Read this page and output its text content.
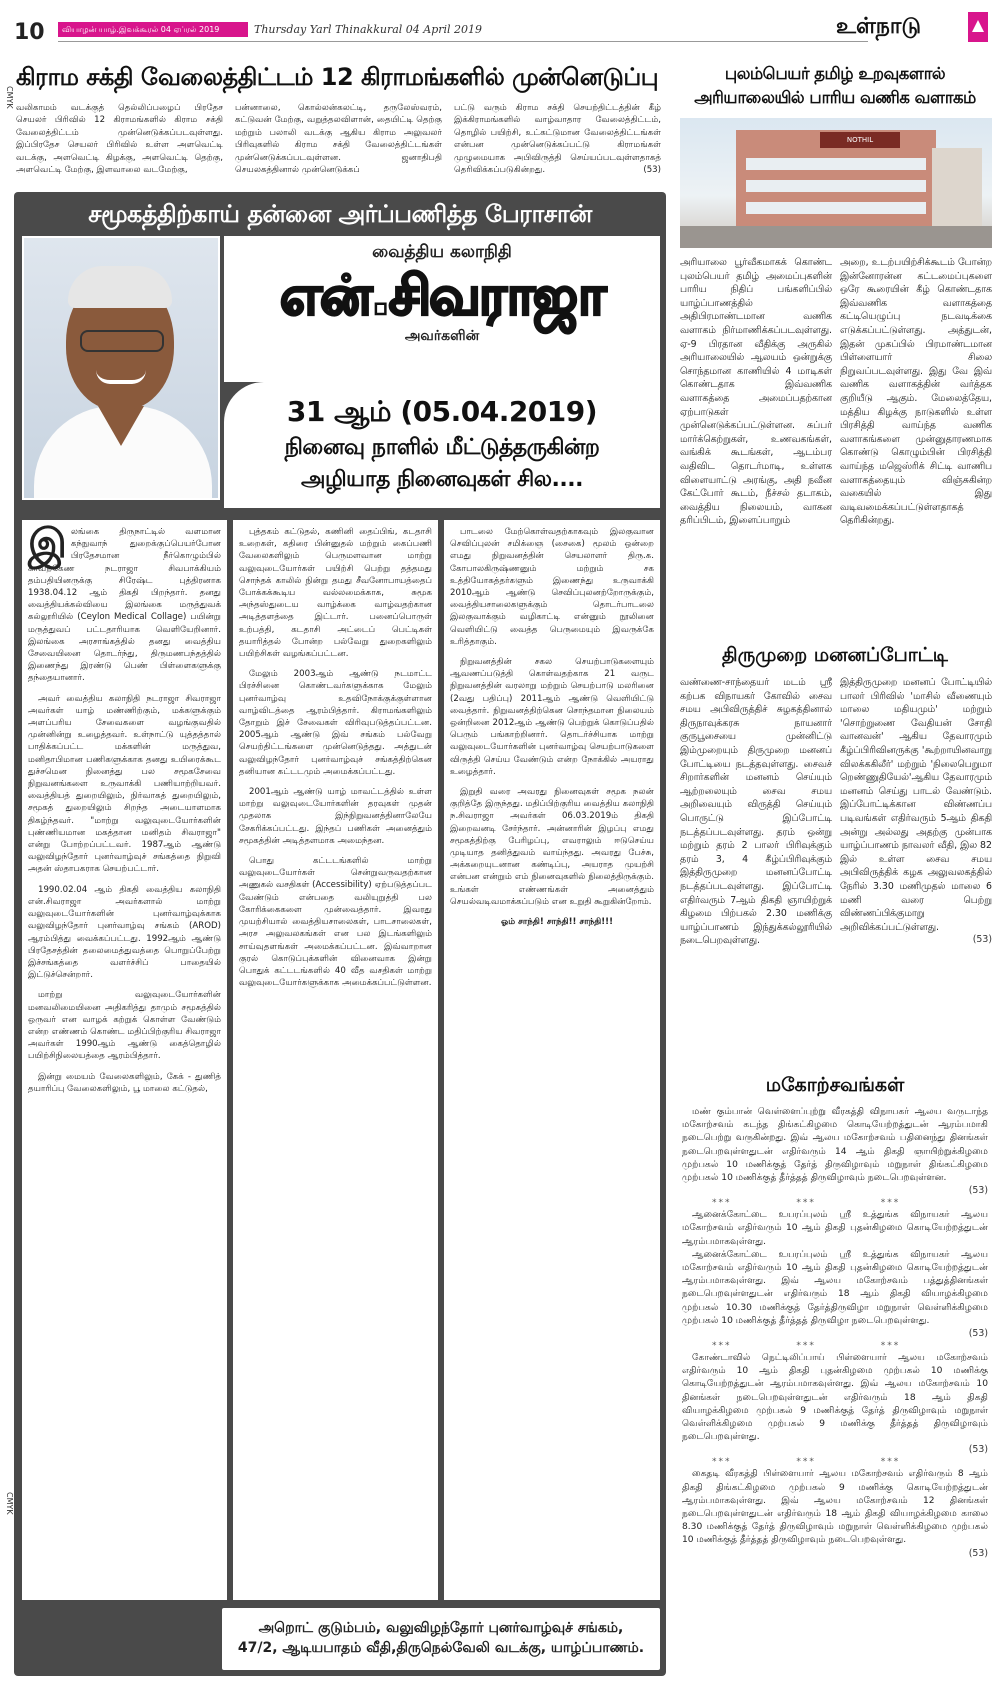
10	வியாழன் யாழ்.இவக்கூரல் 04 ஏப்ரல் 2019	Thursday Yarl Thinakkural 04 April 2019	உள்நாடு
CMYK
CMYK
கிராம சக்தி வேலைத்திட்டம் 12 கிராமங்களில் முன்னெடுப்பு

வலிகாமம் வடக்குத் தெல்லிப்பழைப் பிரதேச செயலர் பிரிவில் 12 கிராமங்களில் கிராம சக்தி வேலைத்திட்டம் முன்னெடுக்கப்படவுள்ளது. இப்பிரதேச செயலர் பிரிவில் உள்ள அளவெட்டி வடக்கு, அளவெட்டி கிழக்கு, அளவெட்டி தெற்கு, அளவெட்டி மேற்கு, இளவாலை வடமேற்கு,

பன்னாலை, கொல்லன்கலட்டி, தருலேஸ்வரம், கட்டுவன் மேற்கு, வறுத்தலவிளான், தையிட்டி தெற்கு மற்றும் பலாலி வடக்கு ஆகிய கிராம அலுவலர் பிரிவுகளில் கிராம சக்தி வேலைத்திட்டங்கள் முன்னெடுக்கப்படவுள்ளன. ஜனாதிபதி செயலகத்தினால் முன்னெடுக்கப்

பட்டு வரும் கிராம சக்தி செயற்திட்டத்தின் கீழ் இக்கிராமங்களில் வாழ்வாதார வேலைத்திட்டம், தொழில் பயிற்சி, உட்கட்டுமான வேலைத்திட்டங்கள் என்பன முன்னெடுக்கப்பட்டு கிராமங்கள் முழுமையாக அபிவிருத்தி செய்யப்படவுள்ளதாகத் தெரிவிக்கப்படுகின்றது.	(53)

சமூகத்திற்காய் தன்னை அர்ப்பணித்த பேராசான்
வைத்திய கலாநிதி
என்.சிவராஜா
அவர்களின்
31 ஆம் (05.04.2019)
நினைவு நாளில் மீட்டுத்தருகின்ற
அழியாத நினைவுகள் சில....

இலங்கை திருநாட்டில் வளமான கந்நுவாந் துறைக்குப்பெயர்போன பிரதேசமான நீர்கொழும்பில் காவற்கேண நடராஜா சிவபாக்கியம் தம்பதியினருக்கு சிரேஷ்ட புத்திரனாக 1938.04.12 ஆம் திகதி பிறந்தார். தனது வைத்தியக்கல்வியை இலங்கை மருத்துவக் கல்லூரியில் (Ceylon Medical Collage) பயின்று மருத்துவப் பட்டதாரியாக வெளியேறினார். இலங்கை அரசாங்கத்தில் தனது வைத்திய சேவையினை தொடர்ந்து, திருமணபந்தத்தில் இணைந்து இரண்டு பெண் பிள்ளைகளுக்கு தந்தையானார்.

அவர் வைத்திய கலாநிதி நடராஜா சிவராஜா அவர்கள் யாழ் மண்ணிற்கும், மக்களுக்கும் அளப்பரிய சேவைகளை வழங்குவதில் முன்னின்று உழைத்தவர். உள்நாட்டு யுத்தத்தால் பாதிக்கப்பட்ட மக்களின் மருத்துவ, மனிதாபிமான பணிகளுக்காக தனது உயிரைக்கூட துச்சமென நினைத்து பல சமூகசேவை நிறுவனங்களை உருவாக்கி பணியாற்றியவர். வைத்தியத் துறையிலும், நிர்வாகத் துறையிலும், சமூகத் துறையிலும் சிறந்த அடையாளமாக திகழ்ந்தவர். "மாற்று வலுவுடையோர்களின் புண்ணியமான மகத்தான மனிதம் சிவராஜா" என்று போற்றப்பட்டவர். 1987ஆம் ஆண்டு வலுவிழந்தோர் புனர்வாழ்வுச் சங்கத்தை நிறுவி அதன் ஸ்தாபகராக செயற்பட்டார்.

1990.02.04 ஆம் திகதி வைத்திய கலாநிதி என்.சிவராஜா அவர்களால் மாற்று வலுவுடையோர்களின் புனர்வாழ்வுக்காக வலுவிழந்தோர் புனர்வாழ்வு சங்கம் (AROD) ஆரம்பித்து வைக்கப்பட்டது. 1992ஆம் ஆண்டு பிரதேசத்தின் தலைமைத்துவத்தை பொறுப்பேற்று இச்சங்கத்தை வளர்ச்சிப் பாதையில் இட்டுச்சென்றார்.

மாற்று வலுவுடையோர்களின் மனவலிமையினை அதிகரித்து தாமும் சமூகத்தில் ஒருவர் என வாழக் கற்றுக் கொள்ள வேண்டும் என்ற எண்ணம் கொண்ட மதிப்பிற்குரிய சிவராஜா அவர்கள் 1990ஆம் ஆண்டு கைத்தொழில் பயிற்சிநிலையத்தை ஆரம்பித்தார்.

இன்று மையம் வேலைகளிலும், கேக் - துணித் தயாரிப்பு வேலைகளிலும், பூ மாலை கட்டுதல்,

புத்தகம் கட்டுதல், கணினி தைப்பிங், கடதாசி உறைகள், கதிரை பின்னுதல் மற்றும் கைப்பணி வேலைகளிலும் பெருமளவான மாற்று வலுவுடையோர்கள் பயிற்சி பெற்று தத்தமது சொந்தக் காலில் நின்று தமது சீவனோபாயத்தைப் போக்கக்கூடிய வல்லமைக்காக, சுமூக அந்தஸ்துடைய வாழ்க்கை வாழ்வதற்கான அடித்தளத்தை இட்டார். பனைப்பொருள் உற்பத்தி, கடதாசி அட்டைப் பெட்டிகள் தயாரித்தல் போன்ற பல்வேறு துறைகளிலும் பயிற்சிகள் வழங்கப்பட்டன.

மேலும் 2003ஆம் ஆண்டு நடமாட்ட பிரச்சினை கொண்டவர்களுக்காக மேலும் புனர்வாழ்வு உதவிநோக்குக்குள்ளான வாழ்விடத்தை ஆரம்பித்தார். கிராமங்களிலும் தோறும் இச் சேவைகள் விரிவுபடுத்தப்பட்டன. 2005ஆம் ஆண்டு இவ் சங்கம் பல்வேறு செயற்திட்டங்களை முன்னெடுத்தது. அத்துடன் வலுவிழந்தோர் புனர்வாழ்வுச் சங்கத்திற்கென தனியான கட்டடமும் அமைக்கப்பட்டது.

2001ஆம் ஆண்டு யாழ் மாவட்டத்தில் உள்ள மாற்று வலுவுடையோர்களின் தரவுகள் முதன் முதலாக இந்நிறுவனத்தினாலேயே சேகரிக்கப்பட்டது. இந்தப் பணிகள் அனைத்தும் சமூகத்தின் அடித்தளமாக அமைந்தன.

பொது கட்டடங்களில் மாற்று வலுவுடையோர்கள் சென்றுவருவதற்கான அணுகல் வசதிகள் (Accessibility) ஏற்படுத்தப்பட வேண்டும் என்பதை வலியுறுத்தி பல கோரிக்கைகளை முன்வைத்தார். இவரது முயற்சியால் வைத்தியசாலைகள், பாடசாலைகள், அரச அலுவலகங்கள் என பல இடங்களிலும் சாய்வுதளங்கள் அமைக்கப்பட்டன. இவ்வாறான குரல் கொடுப்புக்களின் வினைவாக இன்று பொதுக் கட்டடங்களில் 40 வீத வசதிகள் மாற்று வலுவுடையோர்களுக்காக அமைக்கப்பட்டுள்ளன.

பாடலை மேற்கொள்வதற்காகவும் இலகுவான செவிப்புலன் சமிக்ஞை (சைகை) மூலம் ஒன்றை எமது நிறுவனத்தின் செயலாளர் திரு.க. கோபாலகிருஷ்ணனும் மற்றும் சக உத்தியோகத்தர்களும் இணைந்து உருவாக்கி 2010ஆம் ஆண்டு செவிப்புலனற்றோருக்கும், வைத்தியசாலைகளுக்கும் தொடர்பாடலை இலகுவாக்கும் வழிகாட்டி என்னும் நூலினை வெளியிட்டு வைத்த பெருமையும் இவருக்கே உரித்தாகும்.

நிறுவனத்தின் சகல செயற்பாடுகளையும் ஆவணப்படுத்தி கொள்வதற்காக 21 வருட நிறுவனத்தின் வரலாறு மற்றும் செயற்பாடு மலரினை (2வது பதிப்பு) 2011ஆம் ஆண்டு வெளியிட்டு வைத்தார். நிறுவனத்திற்கென சொந்தமான நிலையம் ஒன்றினை 2012ஆம் ஆண்டு பெற்றுக் கொடுப்பதில் பெரும் பங்காற்றினார். தொடர்ச்சியாக மாற்று வலுவுடையோர்களின் புனர்வாழ்வு செயற்பாடுகளை விருத்தி செய்ய வேண்டும் என்ற நோக்கில் அயராது உழைத்தார்.

இறுதி வரை அவரது நினைவுகள் சமூக நலன் குறித்தே இருந்தது. மதிப்பிற்குரிய வைத்திய கலாநிதி ந.சிவராஜா அவர்கள் 06.03.2019ம் திகதி இறைவனடி சேர்ந்தார். அன்னாரின் இழப்பு எமது சமூகத்திற்கு பேரிழப்பு, எவராலும் ஈடுசெய்ய முடியாத தனித்துவம் வாய்ந்தது. அவரது பேச்சு, அக்கறையுடனான கண்டிப்பு, அயராத முயற்சி என்பன என்றும் எம் நினைவுகளில் நிலைத்திருக்கும். உங்கள் எண்ணங்கள் அனைத்தும் செயல்வடிவமாக்கப்படும் என உறுதி கூறுகின்றோம்.

ஓம் சாந்தி! சாந்தி!! சாந்தி!!!

அறொட் குடும்பம், வலுவிழந்தோர் புனர்வாழ்வுச் சங்கம்,
47/2, ஆடியபாதம் வீதி,திருநெல்வேலி வடக்கு, யாழ்ப்பாணம்.
புலம்பெயர் தமிழ் உறவுகளால்
அரியாலையில் பாரிய வணிக வளாகம்
NOTHIL

அரியாலை பூர்வீகமாகக் கொண்ட புலம்பெயர் தமிழ் அமைப்புகளின் பாரிய நிதிப் பங்களிப்பில் யாழ்ப்பாணத்தில் அதிபிரமாண்டமான வணிக வளாகம் நிர்மாணிக்கப்படவுள்ளது. ஏ-9 பிரதான வீதிக்கு அருகில் அரியாலையில் ஆலயம் ஒன்றுக்கு சொந்தமான காணியில் 4 மாடிகள் கொண்டதாக இவ்வணிக வளாகத்தை அமைப்பதற்கான ஏற்பாடுகள் முன்னெடுக்கப்பட்டுள்ளன. சுப்பர் மார்க்கெற்றுகள், உணவகங்கள், வங்கிக் கூடங்கள், ஆடம்பர வதிவிட தொடர்மாடி, உள்ளக விளையாட்டு அரங்கு, அதி நவீன கேட்போர் கூடம், நீச்சல் தடாகம், வைத்திய நிலையம், வாகன தரிப்பிடம், இளைப்பாறும்

அறை, உடற்பயிற்சிக்கூடம் போன்ற இன்னோரன்ன கட்டமைப்புகளை ஒரே கூரையின் கீழ் கொண்டதாக இவ்வணிக வளாகத்தை கட்டியெழுப்பு நடவடிக்கை எடுக்கப்பட்டுள்ளது. அத்துடன், இதன் முகப்பில் பிரமாண்டமான பிள்ளையார் சிலை நிறுவப்படவுள்ளது. இது வே இவ் வணிக வளாகத்தின் வர்த்தக குறியீடு ஆகும். மேலைத்தேய, மத்திய கிழக்கு நாடுகளில் உள்ள பிரசித்தி வாய்ந்த வணிக வளாகங்களை முன்னுதாரணமாக கொண்டு கொழும்பின் பிரசித்தி வாய்ந்த மஜெஸ்ரிக் சிட்டி வாணிப வளாகத்தையும் விஞ்சுகின்ற வகையில் இது வடிவமைக்கப்பட்டுள்ளதாகத் தெரிகின்றது.

திருமுறை மனனப்போட்டி

வண்ணை-சாந்தையர் மடம் ஸ்ரீ கற்பக விநாயகர் கோவில் சைவ சமய அபிவிருத்திச் சுழகத்தினால் திருநாவுக்கரசு நாயனார் குருபூசையை முன்னிட்டு இம்முறையும் திருமுறை மனனப் போட்டியை நடத்தவுள்ளது. சைவச் சிறார்களின் மனனம் செய்யும் ஆற்றலையும் சைவ சமய அறிவையும் விருத்தி செய்யும் பொருட்டு இப்போட்டி நடத்தப்படவுள்ளது. தரம் ஒன்று மற்றும் தரம் 2 பாலர் பிரிவுக்கும் தரம் 3, 4 கீழ்ப்பிரிவுக்கும் இத்திருமுறை மனனப்போட்டி நடத்தப்படவுள்ளது. இப்போட்டி எதிர்வரும் 7ஆம் திகதி ஞாயிற்றுக் கிழமை பிற்பகல் 2.30 மணிக்கு யாழ்ப்பாணம் இந்துக்கல்லூரியில் நடைபெறவுள்ளது.

இத்திருமுறை மனனப் போட்டியில் பாலர் பிரிவில் 'மாசில் வீணையும் மாலை மதியமும்' மற்றும் 'சொற்றுணை வேதியன் சோதி வானவன்' ஆகிய தேவாரமும் கீழ்ப்பிரிவினருக்கு 'கூற்றாயினவாறு விலக்ககிலீர்' மற்றும் 'நிலைபெறுமா றெண்ணுதியேல்'ஆகிய தேவாரமும் மனனம் செய்து பாடல் வேண்டும். இப்போட்டிக்கான விண்ணப்ப படிவங்கள் எதிர்வரும் 5ஆம் திகதி அன்று அல்லது அதற்கு முன்பாக யாழ்ப்பாணம் நாவலர் வீதி, இல 82 இல் உள்ள சைவ சமய அபிவிருத்திக் கழக அலுவலகத்தில் நேரில் 3.30 மணிமுதல் மாலை 6 மணி வரை பெற்று விண்ணப்பிக்குமாறு அறிவிக்கப்பட்டுள்ளது.

(53)
மகோற்சவங்கள்

மண் கும்பான் வெள்ளைப்புற்று வீரகத்தி விநாயகர் ஆலய வருடாந்த மகோற்சவம் கடந்த திங்கட்கிழமை கொடியேற்றத்துடன் ஆரம்பமாகி நடைபெற்று வருகின்றது. இவ் ஆலய மகோற்சவம் பதினைந்து தினங்கள் நடைபெறவுள்ளதுடன் எதிர்வரும் 14 ஆம் திகதி ஞாயிற்றுக்கிழமை முற்பகல் 10 மணிக்குத் தேர்த் திருவிழாவும் மறுநாள் திங்கட்கிழமை முற்பகல் 10 மணிக்குத் தீர்த்தத் திருவிழாவும் நடைபெறவுள்ளன.

(53)
*** *** ***

ஆனைக்கோட்டை உயரப்புலம் ஸ்ரீ உத்துங்க விநாயகர் ஆலய மகோற்சவம் எதிர்வரும் 10 ஆம் திகதி புதன்கிழமை கொடியேற்றத்துடன் ஆரம்பமாகவுள்ளது.

ஆனைக்கோட்டை உயரப்புலம் ஸ்ரீ உத்துங்க விநாயகர் ஆலய மகோற்சவம் எதிர்வரும் 10 ஆம் திகதி புதன்கிழமை கொடியேற்றத்துடன் ஆரம்பமாகவுள்ளது. இவ் ஆலய மகோற்சவம் பத்துத்தினங்கள் நடைபெறவுள்ளதுடன் எதிர்வரும் 18 ஆம் திகதி வியாழக்கிழமை முற்பகல் 10.30 மணிக்குத் தேர்த்திருவிழா மறுநாள் வெள்ளிக்கிழமை முற்பகல் 10 மணிக்குத் தீர்த்தத் திருவிழா நடைபெறவுள்ளது.

(53)
*** *** ***

கோண்டாவில் நெட்டிலிப்பாய் பிள்ளையார் ஆலய மகோற்சவம் எதிர்வரும் 10 ஆம் திகதி புதன்கிழமை முற்பகல் 10 மணிக்கு கொடியேற்றத்துடன் ஆரம்பமாகவுள்ளது. இவ் ஆலய மகோற்சவம் 10 தினங்கள் நடைபெறவுள்ளதுடன் எதிர்வரும் 18 ஆம் திகதி வியாழக்கிழமை முற்பகல் 9 மணிக்குத் தேர்த் திருவிழாவும் மறுநாள் வெள்ளிக்கிழமை முற்பகல் 9 மணிக்கு தீர்த்தத் திருவிழாவும் நடைபெறவுள்ளது.

(53)
*** *** ***

கைதடி வீரகத்தி பிள்ளையார் ஆலய மகோற்சவம் எதிர்வரும் 8 ஆம் திகதி திங்கட்கிழமை முற்பகல் 9 மணிக்கு கொடியேற்றத்துடன் ஆரம்பமாகவுள்ளது. இவ் ஆலய மகோற்சவம் 12 தினங்கள் நடைபெறவுள்ளதுடன் எதிர்வரும் 18 ஆம் திகதி வியாழக்கிழமை காலை 8.30 மணிக்குத் தேர்த் திருவிழாவும் மறுநாள் வெள்ளிக்கிழமை முற்பகல் 10 மணிக்குத் தீர்த்தத் திருவிழாவும் நடைபெறவுள்ளது.

(53)
